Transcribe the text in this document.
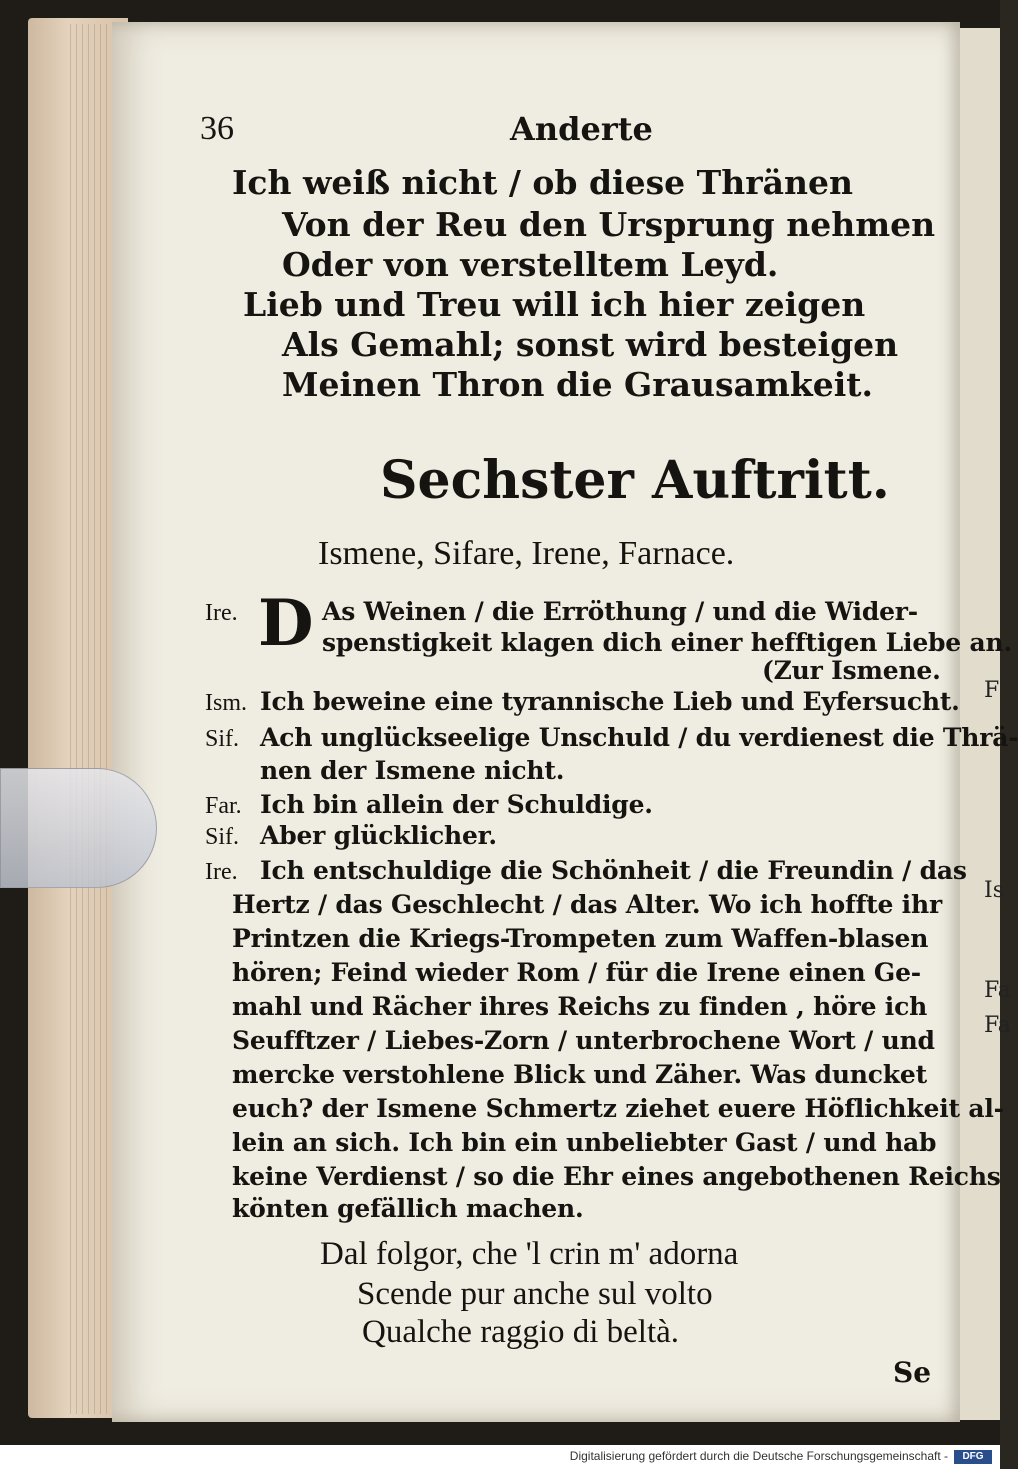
F
Is
Fa
Fa
36	Anderte
Ich weiß nicht / ob diese Thränen
Von der Reu den Ursprung nehmen
Oder von verstelltem Leyd.
Lieb und Treu will ich hier zeigen
Als Gemahl; sonst wird besteigen
Meinen Thron die Grausamkeit.
Sechster Auftritt.
Ismene, Sifare, Irene, Farnace.
Ire. D As Weinen / die Erröthung / und die Wider-
spenstigkeit klagen dich einer hefftigen Liebe an.
(Zur Ismene.
Ism. Ich beweine eine tyrannische Lieb und Eyfersucht.
Sif. Ach unglückseelige Unschuld / du verdienest die Thrä-
nen der Ismene nicht.
Far. Ich bin allein der Schuldige.
Sif. Aber glücklicher.
Ire. Ich entschuldige die Schönheit / die Freundin / das
Hertz / das Geschlecht / das Alter. Wo ich hoffte ihr
Printzen die Kriegs-Trompeten zum Waffen-blasen
hören; Feind wieder Rom / für die Irene einen Ge-
mahl und Rächer ihres Reichs zu finden , höre ich
Seufftzer / Liebes-Zorn / unterbrochene Wort / und
mercke verstohlene Blick und Zäher. Was duncket
euch? der Ismene Schmertz ziehet euere Höflichkeit al-
lein an sich. Ich bin ein unbeliebter Gast / und hab
keine Verdienst / so die Ehr eines angebothenen Reichs
könten gefällich machen.
Dal folgor, che 'l crin m' adorna
Scende pur anche sul volto
Qualche raggio di beltà.
Se
Digitalisierung gefördert durch die Deutsche Forschungsgemeinschaft -	DFG
